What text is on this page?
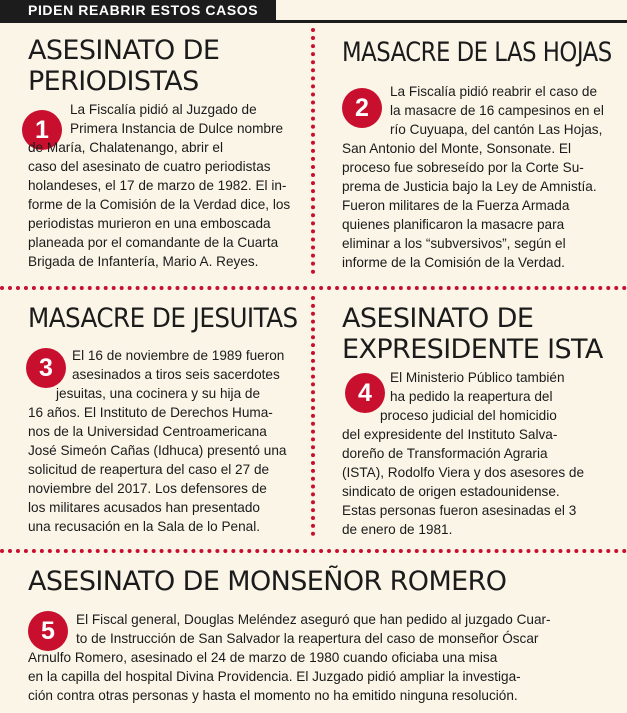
PIDEN REABRIR ESTOS CASOS
ASESINATO DE
PERIODISTAS
1
La Fiscalía pidió al Juzgado de
Primera Instancia de Dulce nombre
de María, Chalatenango, abrir el
caso del asesinato de cuatro periodistas
holandeses, el 17 de marzo de 1982. El in-
forme de la Comisión de la Verdad dice, los
periodistas murieron en una emboscada
planeada por el comandante de la Cuarta
Brigada de Infantería, Mario A. Reyes.
MASACRE DE LAS HOJAS
2
La Fiscalía pidió reabrir el caso de
la masacre de 16 campesinos en el
río Cuyuapa, del cantón Las Hojas,
San Antonio del Monte, Sonsonate. El
proceso fue sobreseído por la Corte Su-
prema de Justicia bajo la Ley de Amnistía.
Fueron militares de la Fuerza Armada
quienes planificaron la masacre para
eliminar a los “subversivos”, según el
informe de la Comisión de la Verdad.
MASACRE DE JESUITAS
3	El 16 de noviembre de 1989 fueron
asesinados a tiros seis sacerdotes
jesuitas, una cocinera y su hija de
16 años. El Instituto de Derechos Huma-
nos de la Universidad Centroamericana
José Simeón Cañas (Idhuca) presentó una
solicitud de reapertura del caso el 27 de
noviembre del 2017. Los defensores de
los militares acusados han presentado
una recusación en la Sala de lo Penal.
ASESINATO DE
EXPRESIDENTE ISTA
4
El Ministerio Público también
ha pedido la reapertura del
proceso judicial del homicidio
del expresidente del Instituto Salva-
doreño de Transformación Agraria
(ISTA), Rodolfo Viera y dos asesores de
sindicato de origen estadounidense.
Estas personas fueron asesinadas el 3
de enero de 1981.
ASESINATO DE MONSEÑOR ROMERO
5	El Fiscal general, Douglas Meléndez aseguró que han pedido al juzgado Cuar-
to de Instrucción de San Salvador la reapertura del caso de monseñor Óscar
Arnulfo Romero, asesinado el 24 de marzo de 1980 cuando oficiaba una misa
en la capilla del hospital Divina Providencia. El Juzgado pidió ampliar la investiga-
ción contra otras personas y hasta el momento no ha emitido ninguna resolución.
